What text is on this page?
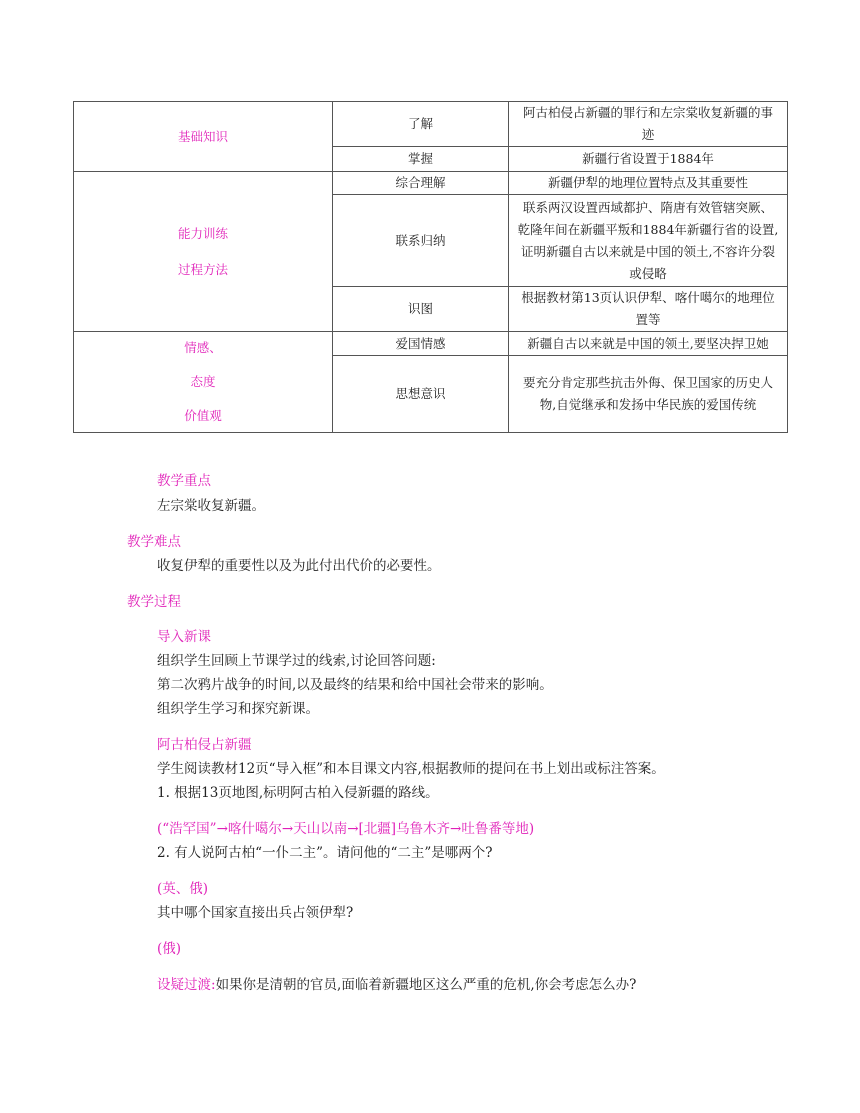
基础知识	了解	阿古柏侵占新疆的罪行和左宗棠收复新疆的事迹
	掌握	新疆行省设置于1884年

能力训练
过程方法	综合理解	新疆伊犁的地理位置特点及其重要性
	联系归纳	联系两汉设置西域都护、隋唐有效管辖突厥、乾隆年间在新疆平叛和1884年新疆行省的设置,证明新疆自古以来就是中国的领土,不容许分裂或侵略
	识图	根据教材第13页认识伊犁、喀什噶尔的地理位置等

情感、
态度
价值观	爱国情感	新疆自古以来就是中国的领土,要坚决捍卫她
	思想意识	要充分肯定那些抗击外侮、保卫国家的历史人物,自觉继承和发扬中华民族的爱国传统
教学重点
左宗棠收复新疆。
教学难点
收复伊犁的重要性以及为此付出代价的必要性。
教学过程
导入新课
组织学生回顾上节课学过的线索,讨论回答问题:
第二次鸦片战争的时间,以及最终的结果和给中国社会带来的影响。
组织学生学习和探究新课。
阿古柏侵占新疆
学生阅读教材12页“导入框”和本目课文内容,根据教师的提问在书上划出或标注答案。
1. 根据13页地图,标明阿古柏入侵新疆的路线。
(“浩罕国”→喀什噶尔→天山以南→[北疆]乌鲁木齐→吐鲁番等地)
2. 有人说阿古柏“一仆二主”。请问他的“二主”是哪两个?
(英、俄)
其中哪个国家直接出兵占领伊犁?
(俄)
设疑过渡:如果你是清朝的官员,面临着新疆地区这么严重的危机,你会考虑怎么办?
